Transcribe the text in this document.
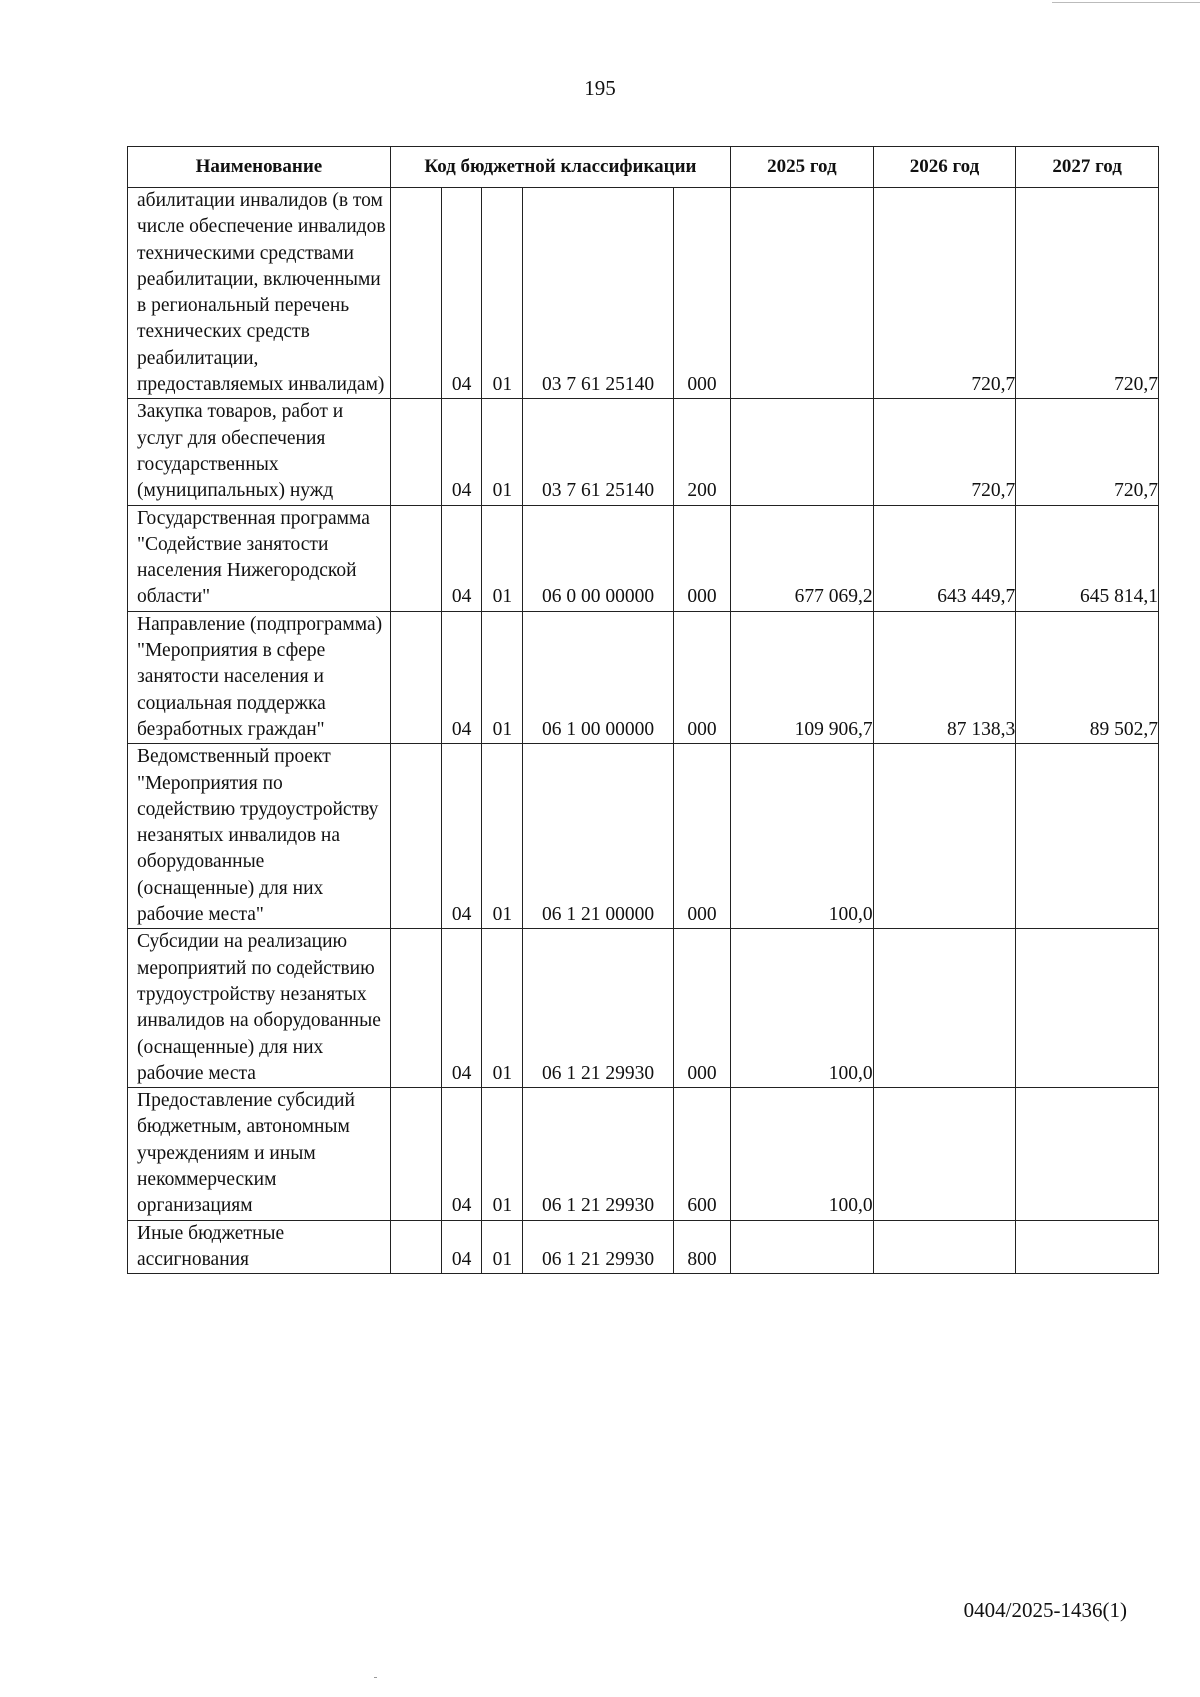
195
Наименование	Код бюджетной классификации					2025 год	2026 год	2027 год
абилитации инвалидов (в том числе обеспечение инвалидов техническими средствами реабилитации, включенными в региональный перечень технических средств реабилитации, предоставляемых инвалидам)		04	01	03 7 61 25140	000		720,7	720,7
Закупка товаров, работ и услуг для обеспечения государственных (муниципальных) нужд		04	01	03 7 61 25140	200		720,7	720,7
Государственная программа "Содействие занятости населения Нижегородской области"		04	01	06 0 00 00000	000	677 069,2	643 449,7	645 814,1
Направление (подпрограмма) "Мероприятия в сфере занятости населения и социальная поддержка безработных граждан"		04	01	06 1 00 00000	000	109 906,7	87 138,3	89 502,7
Ведомственный проект "Мероприятия по содействию трудоустройству незанятых инвалидов на оборудованные (оснащенные) для них рабочие места"		04	01	06 1 21 00000	000	100,0		
Субсидии на реализацию мероприятий по содействию трудоустройству незанятых инвалидов на оборудованные (оснащенные) для них рабочие места		04	01	06 1 21 29930	000	100,0		
Предоставление субсидий бюджетным, автономным учреждениям и иным некоммерческим организациям		04	01	06 1 21 29930	600	100,0		
Иные бюджетные ассигнования		04	01	06 1 21 29930	800			
0404/2025-1436(1)
